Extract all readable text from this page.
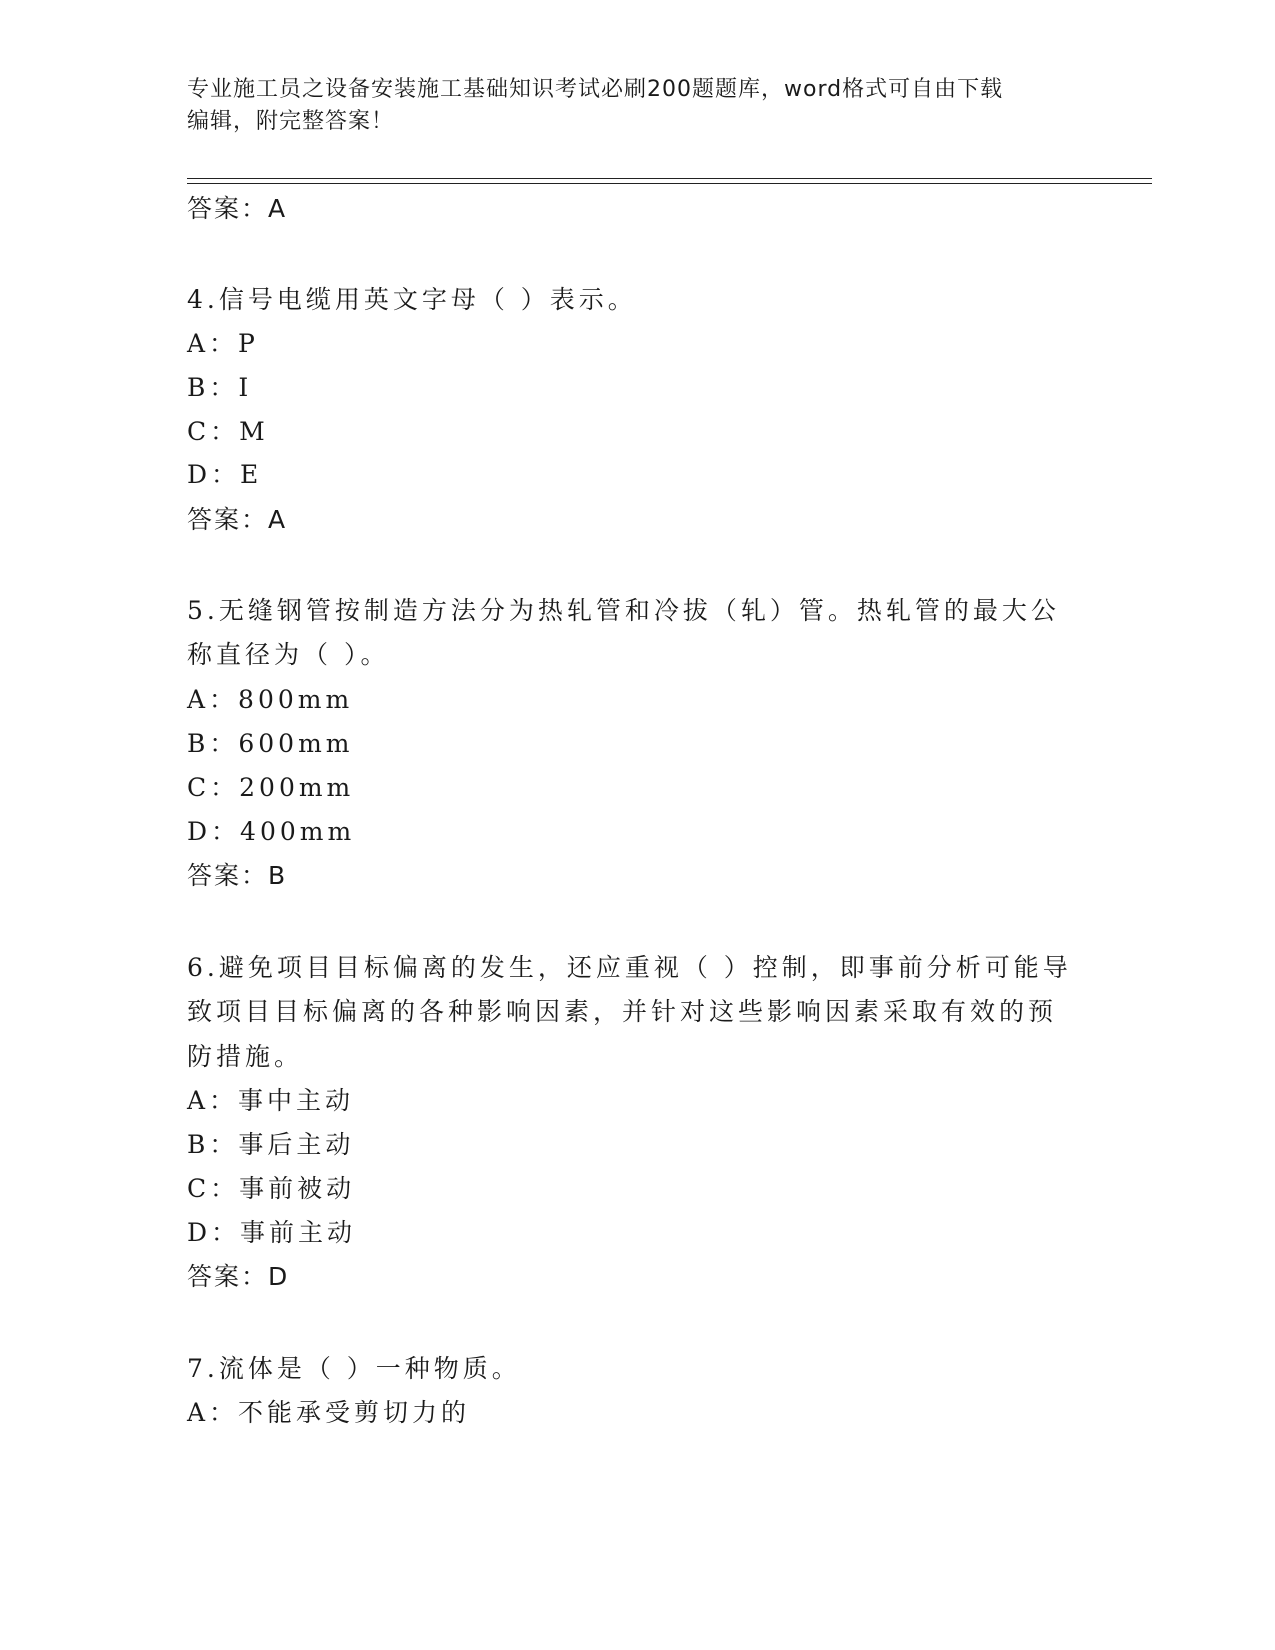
专业施工员之设备安装施工基础知识考试必刷200题题库，word格式可自由下载
编辑，附完整答案！
答案：A
4.信号电缆用英文字母（ ）表示。
A：P
B：I
C：M
D：E
答案：A
5.无缝钢管按制造方法分为热轧管和冷拔（轧）管。热轧管的最大公
称直径为（ ）。
A：800mm
B：600mm
C：200mm
D：400mm
答案：B
6.避免项目目标偏离的发生，还应重视（ ）控制，即事前分析可能导
致项目目标偏离的各种影响因素，并针对这些影响因素采取有效的预
防措施。
A：事中主动
B：事后主动
C：事前被动
D：事前主动
答案：D
7.流体是（ ）一种物质。
A：不能承受剪切力的
